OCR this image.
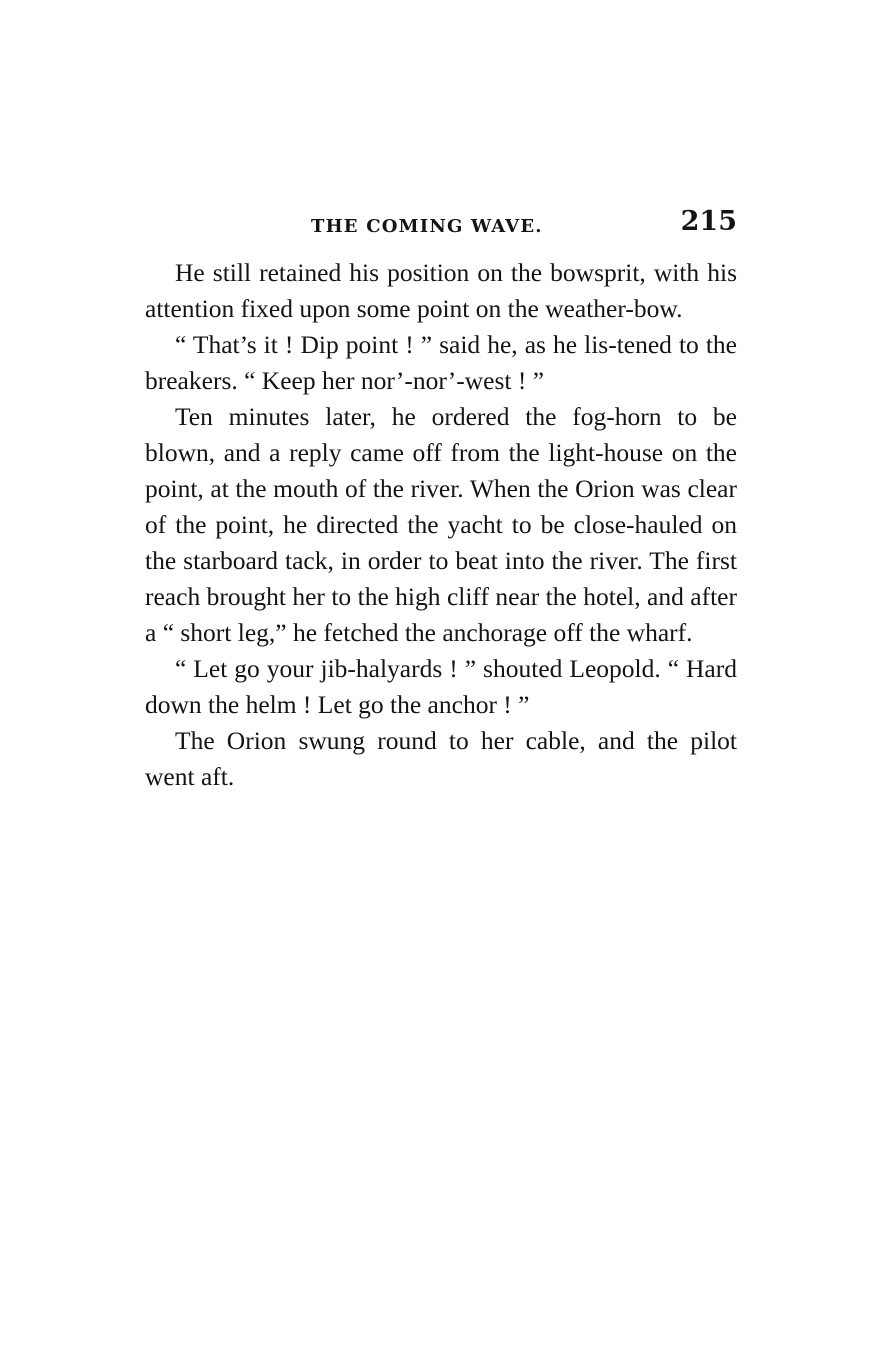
THE COMING WAVE.	215

He still retained his position on the bowsprit, with his attention fixed upon some point on the weather-bow.

“ That’s it ! Dip point ! ” said he, as he lis-tened to the breakers. “ Keep her nor’-nor’-west ! ”

Ten minutes later, he ordered the fog-horn to be blown, and a reply came off from the light-house on the point, at the mouth of the river. When the Orion was clear of the point, he directed the yacht to be close-hauled on the starboard tack, in order to beat into the river. The first reach brought her to the high cliff near the hotel, and after a “ short leg,” he fetched the anchorage off the wharf.

“ Let go your jib-halyards ! ” shouted Leopold. “ Hard down the helm ! Let go the anchor ! ”

The Orion swung round to her cable, and the pilot went aft.
